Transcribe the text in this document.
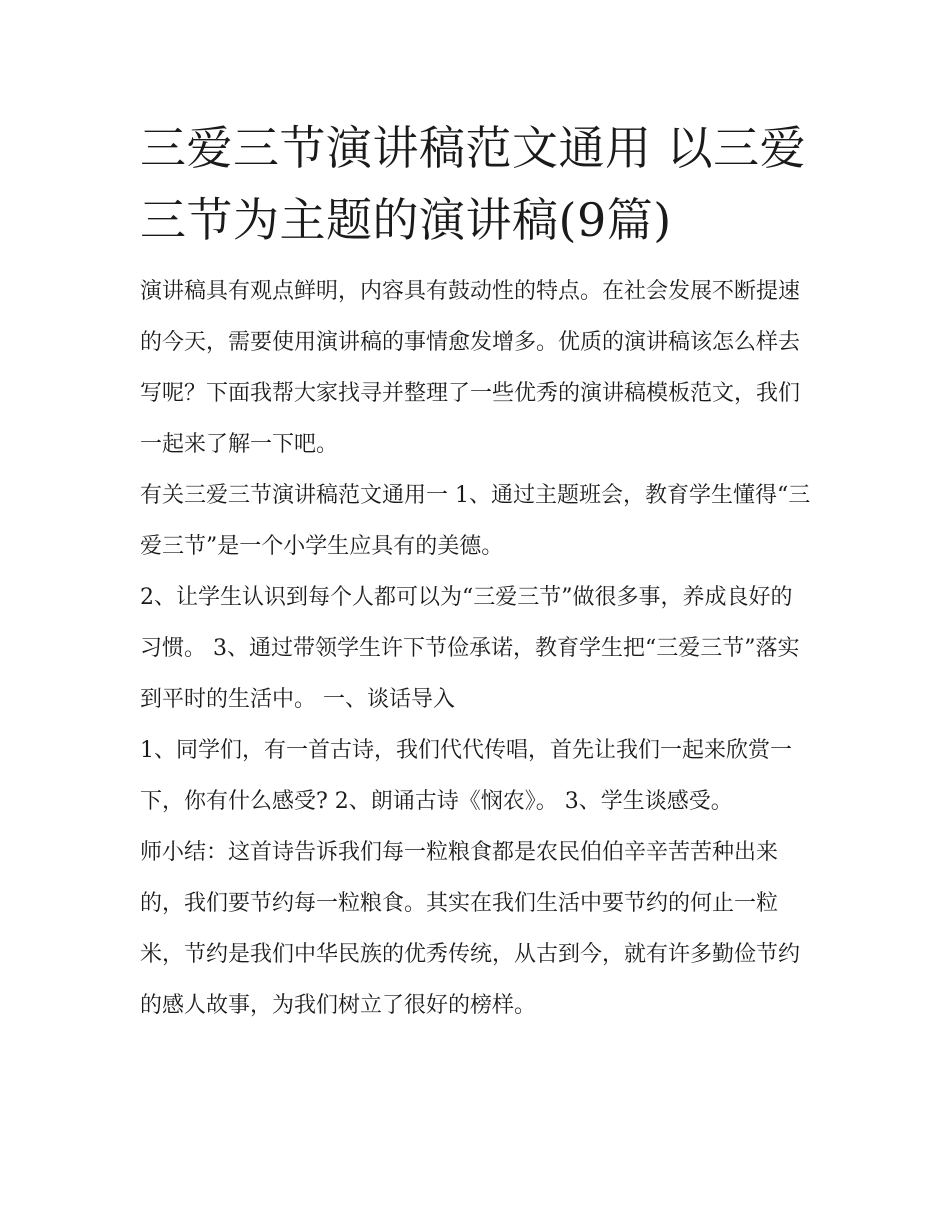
三爱三节演讲稿范文通用 以三爱三节为主题的演讲稿(9篇)

演讲稿具有观点鲜明，内容具有鼓动性的特点。在社会发展不断提速的今天，需要使用演讲稿的事情愈发增多。优质的演讲稿该怎么样去写呢？下面我帮大家找寻并整理了一些优秀的演讲稿模板范文，我们一起来了解一下吧。

有关三爱三节演讲稿范文通用一 1、通过主题班会，教育学生懂得“三爱三节”是一个小学生应具有的美德。

2、让学生认识到每个人都可以为“三爱三节”做很多事，养成良好的习惯。 3、通过带领学生许下节俭承诺，教育学生把“三爱三节”落实到平时的生活中。 一、谈话导入

1、同学们，有一首古诗，我们代代传唱，首先让我们一起来欣赏一下，你有什么感受? 2、朗诵古诗《悯农》。 3、学生谈感受。

师小结：这首诗告诉我们每一粒粮食都是农民伯伯辛辛苦苦种出来的，我们要节约每一粒粮食。其实在我们生活中要节约的何止一粒米，节约是我们中华民族的优秀传统，从古到今，就有许多勤俭节约的感人故事，为我们树立了很好的榜样。
